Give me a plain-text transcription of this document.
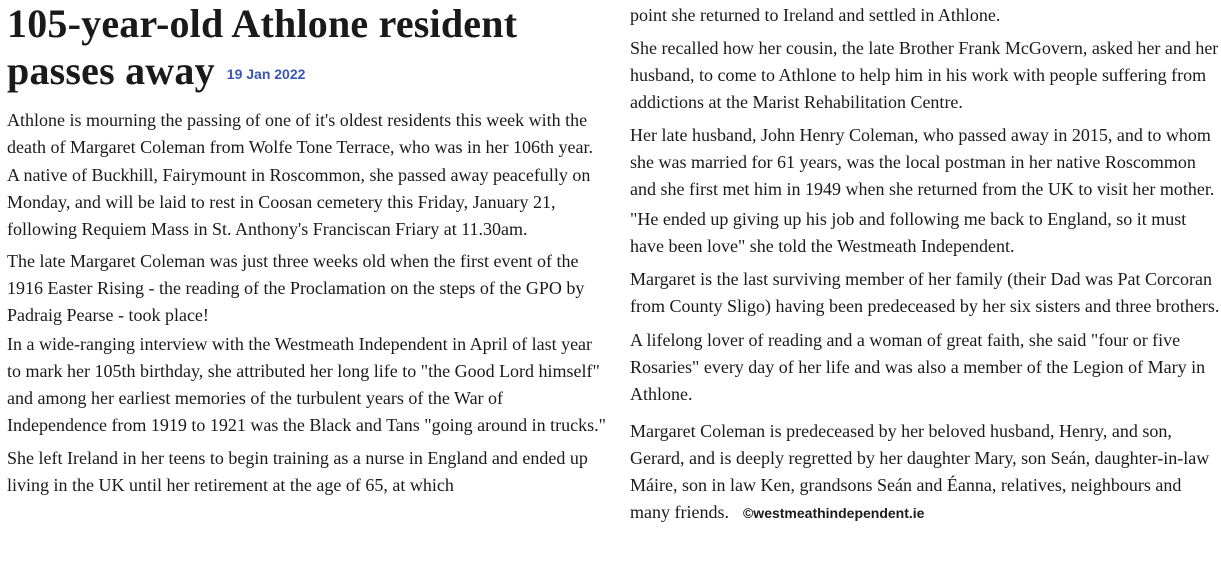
105-year-old Athlone resident
passes away 19 Jan 2022

Athlone is mourning the passing of one of it's oldest residents this week with the death of Margaret Coleman from Wolfe Tone Terrace, who was in her 106th year.

A native of Buckhill, Fairymount in Roscommon, she passed away peacefully on Monday, and will be laid to rest in Coosan cemetery this Friday, January 21, following Requiem Mass in St. Anthony's Franciscan Friary at 11.30am.

The late Margaret Coleman was just three weeks old when the first event of the 1916 Easter Rising - the reading of the Proclamation on the steps of the GPO by Padraig Pearse - took place!

In a wide-ranging interview with the Westmeath Independent in April of last year to mark her 105th birthday, she attributed her long life to "the Good Lord himself" and among her earliest memories of the turbulent years of the War of Independence from 1919 to 1921 was the Black and Tans "going around in trucks."

She left Ireland in her teens to begin training as a nurse in England and ended up living in the UK until her retirement at the age of 65, at which

point she returned to Ireland and settled in Athlone.

She recalled how her cousin, the late Brother Frank McGovern, asked her and her husband, to come to Athlone to help him in his work with people suffering from addictions at the Marist Rehabilitation Centre.

Her late husband, John Henry Coleman, who passed away in 2015, and to whom she was married for 61 years, was the local postman in her native Roscommon and she first met him in 1949 when she returned from the UK to visit her mother.

"He ended up giving up his job and following me back to England, so it must have been love" she told the Westmeath Independent.

Margaret is the last surviving member of her family (their Dad was Pat Corcoran from County Sligo) having been predeceased by her six sisters and three brothers.

A lifelong lover of reading and a woman of great faith, she said "four or five Rosaries" every day of her life and was also a member of the Legion of Mary in Athlone.

Margaret Coleman is predeceased by her beloved husband, Henry, and son, Gerard, and is deeply regretted by her daughter Mary, son Seán, daughter-in-law Máire, son in law Ken, grandsons Seán and Éanna, relatives, neighbours and many friends. ©westmeathindependent.ie
